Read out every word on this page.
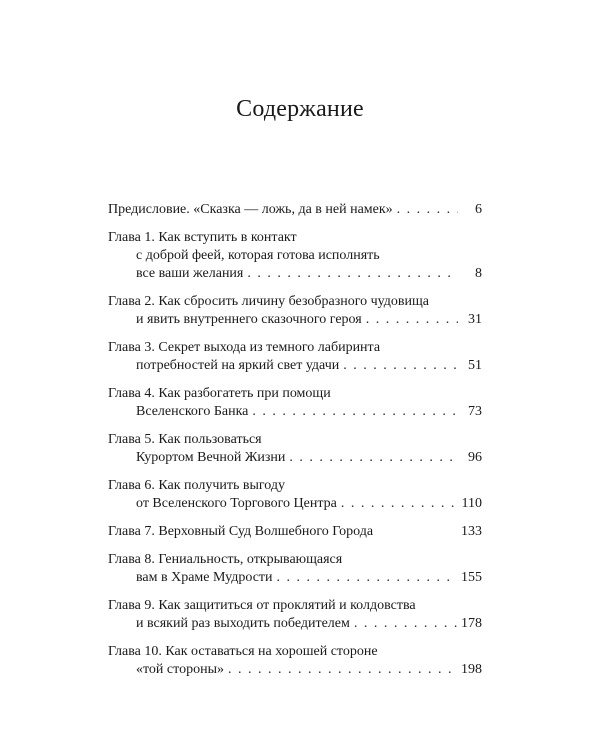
Содержание
Предисловие. «Сказка — ложь, да в ней намек» . . .	6
Глава 1. Как вступить в контакт
с доброй феей, которая готова исполнять
все ваши желания . . .	8
Глава 2. Как сбросить личину безобразного чудовища
и явить внутреннего сказочного героя . . .	31
Глава 3. Секрет выхода из темного лабиринта
потребностей на яркий свет удачи . . .	51
Глава 4. Как разбогатеть при помощи
Вселенского Банка . . .	73
Глава 5. Как пользоваться
Курортом Вечной Жизни . . .	96
Глава 6. Как получить выгоду
от Вселенского Торгового Центра . . .	110
Глава 7. Верховный Суд Волшебного Города	133
Глава 8. Гениальность, открывающаяся
вам в Храме Мудрости . . .	155
Глава 9. Как защититься от проклятий и колдовства
и всякий раз выходить победителем . . .	178
Глава 10. Как оставаться на хорошей стороне
«той стороны» . . .	198
